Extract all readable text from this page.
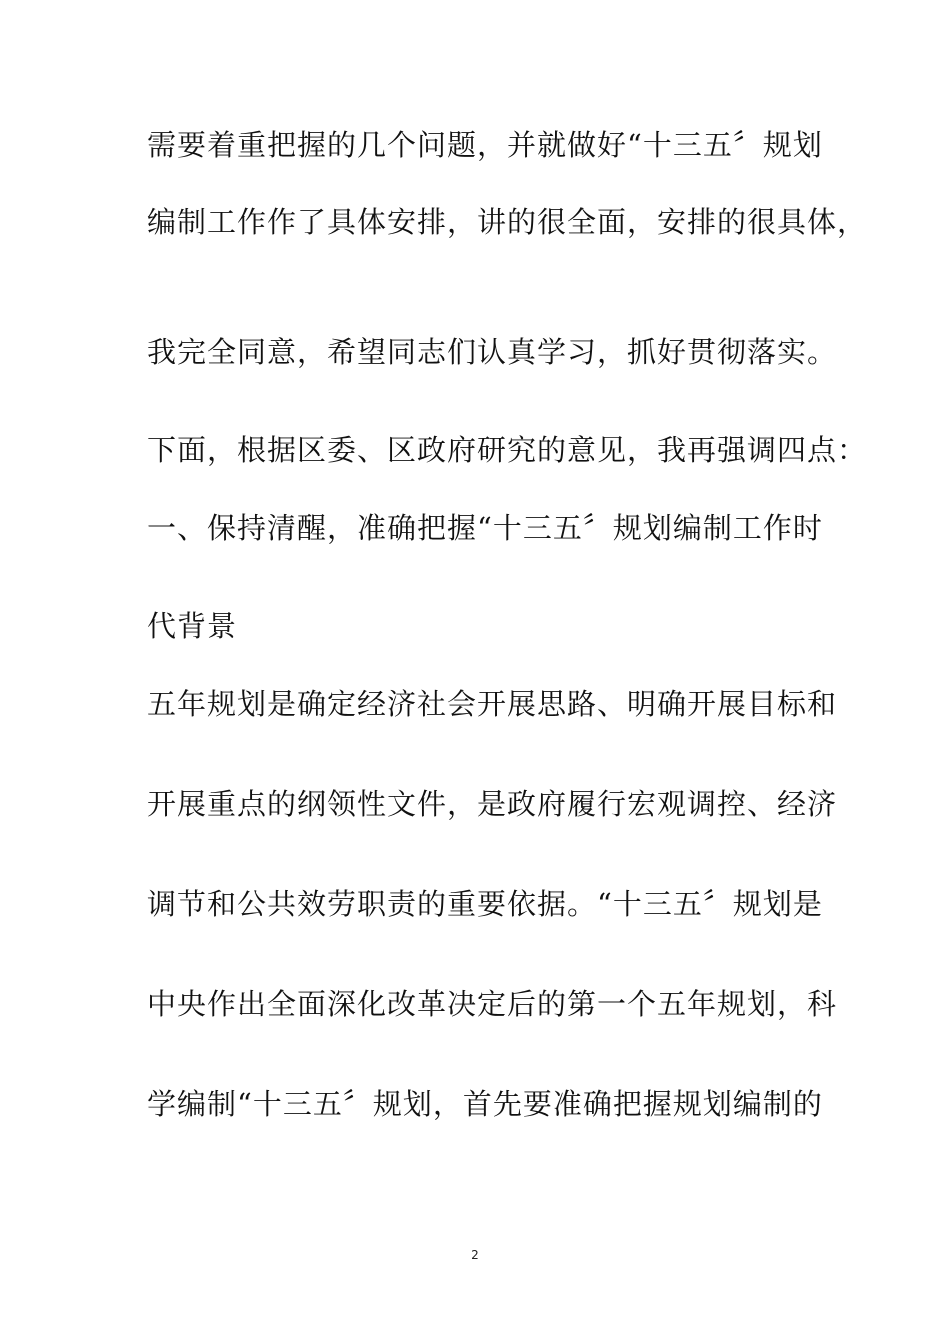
需要着重把握的几个问题，并就做好“十三五〞规划
编制工作作了具体安排，讲的很全面，安排的很具体，
我完全同意，希望同志们认真学习，抓好贯彻落实。
下面，根据区委、区政府研究的意见，我再强调四点：
一、保持清醒，准确把握“十三五〞规划编制工作时
代背景
五年规划是确定经济社会开展思路、明确开展目标和
开展重点的纲领性文件，是政府履行宏观调控、经济
调节和公共效劳职责的重要依据。“十三五〞规划是
中央作出全面深化改革决定后的第一个五年规划，科
学编制“十三五〞规划，首先要准确把握规划编制的
2
